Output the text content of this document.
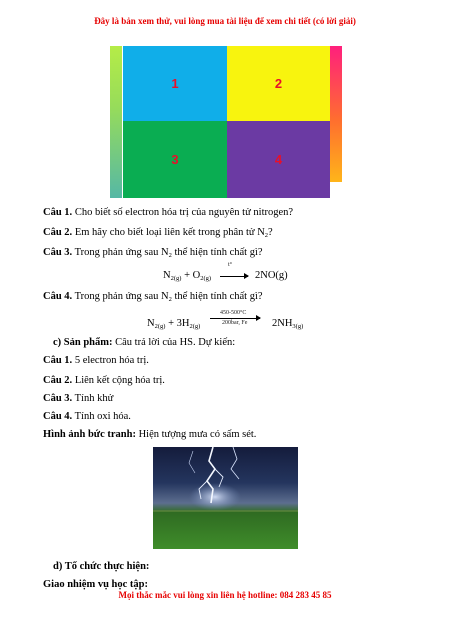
Đây là bản xem thử, vui lòng mua tài liệu để xem chi tiết (có lời giải)
1	2
3	4
Câu 1. Cho biết số electron hóa trị của nguyên tử nitrogen?
Câu 2. Em hãy cho biết loại liên kết trong phân tử $N_2$?
Câu 3. Trong phản ứng sau $N_2$ thể hiện tính chất gì?
$N_{2(g)} + O_{2(g)}$
t°
2NO(g)
Câu 4. Trong phản ứng sau $N_2$ thể hiện tính chất gì?
$N_{2(g)} + 3H_{2(g)}$
450-500°C
200bar, Fe $2NH_{3(g)}$
c) Sản phẩm: Câu trả lời của HS. Dự kiến:
Câu 1. 5 electron hóa trị.
Câu 2. Liên kết cộng hóa trị.
Câu 3. Tính khử
Câu 4. Tính oxi hóa.
Hình ảnh bức tranh: Hiện tượng mưa có sấm sét.
d) Tổ chức thực hiện:
Giao nhiệm vụ học tập:
Mọi thắc mắc vui lòng xin liên hệ hotline: 084 283 45 85
